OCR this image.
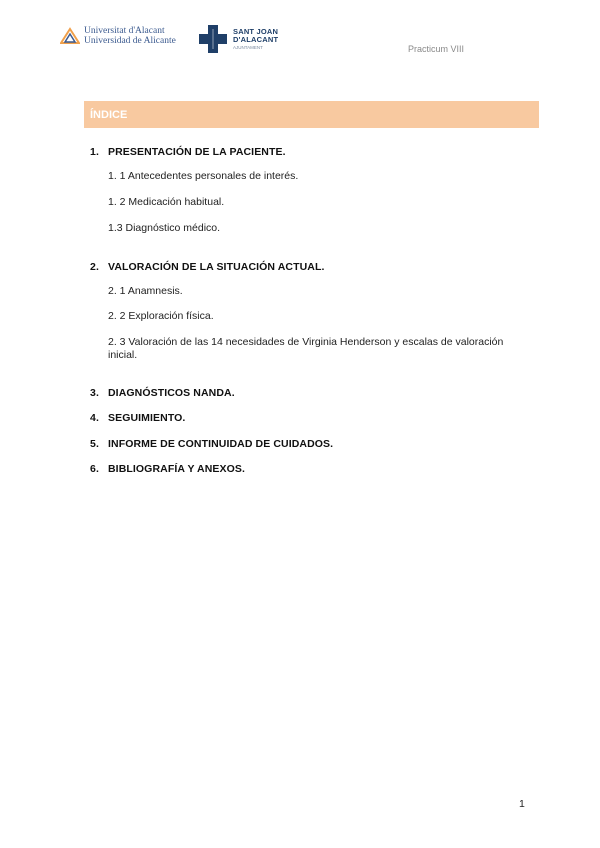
Universitat d'Alacant
Universidad de Alicante
SANT JOAN
D'ALACANT
AJUNTAMENT	Practicum VIII
ÍNDICE
1. PRESENTACIÓN DE LA PACIENTE.
1. 1 Antecedentes personales de interés.
1. 2 Medicación habitual.
1.3 Diagnóstico médico.
2. VALORACIÓN DE LA SITUACIÓN ACTUAL.
2. 1 Anamnesis.
2. 2 Exploración física.
2. 3 Valoración de las 14 necesidades de Virginia Henderson y escalas de valoración inicial.
3. DIAGNÓSTICOS NANDA.
4. SEGUIMIENTO.
5. INFORME DE CONTINUIDAD DE CUIDADOS.
6. BIBLIOGRAFÍA Y ANEXOS.
1
